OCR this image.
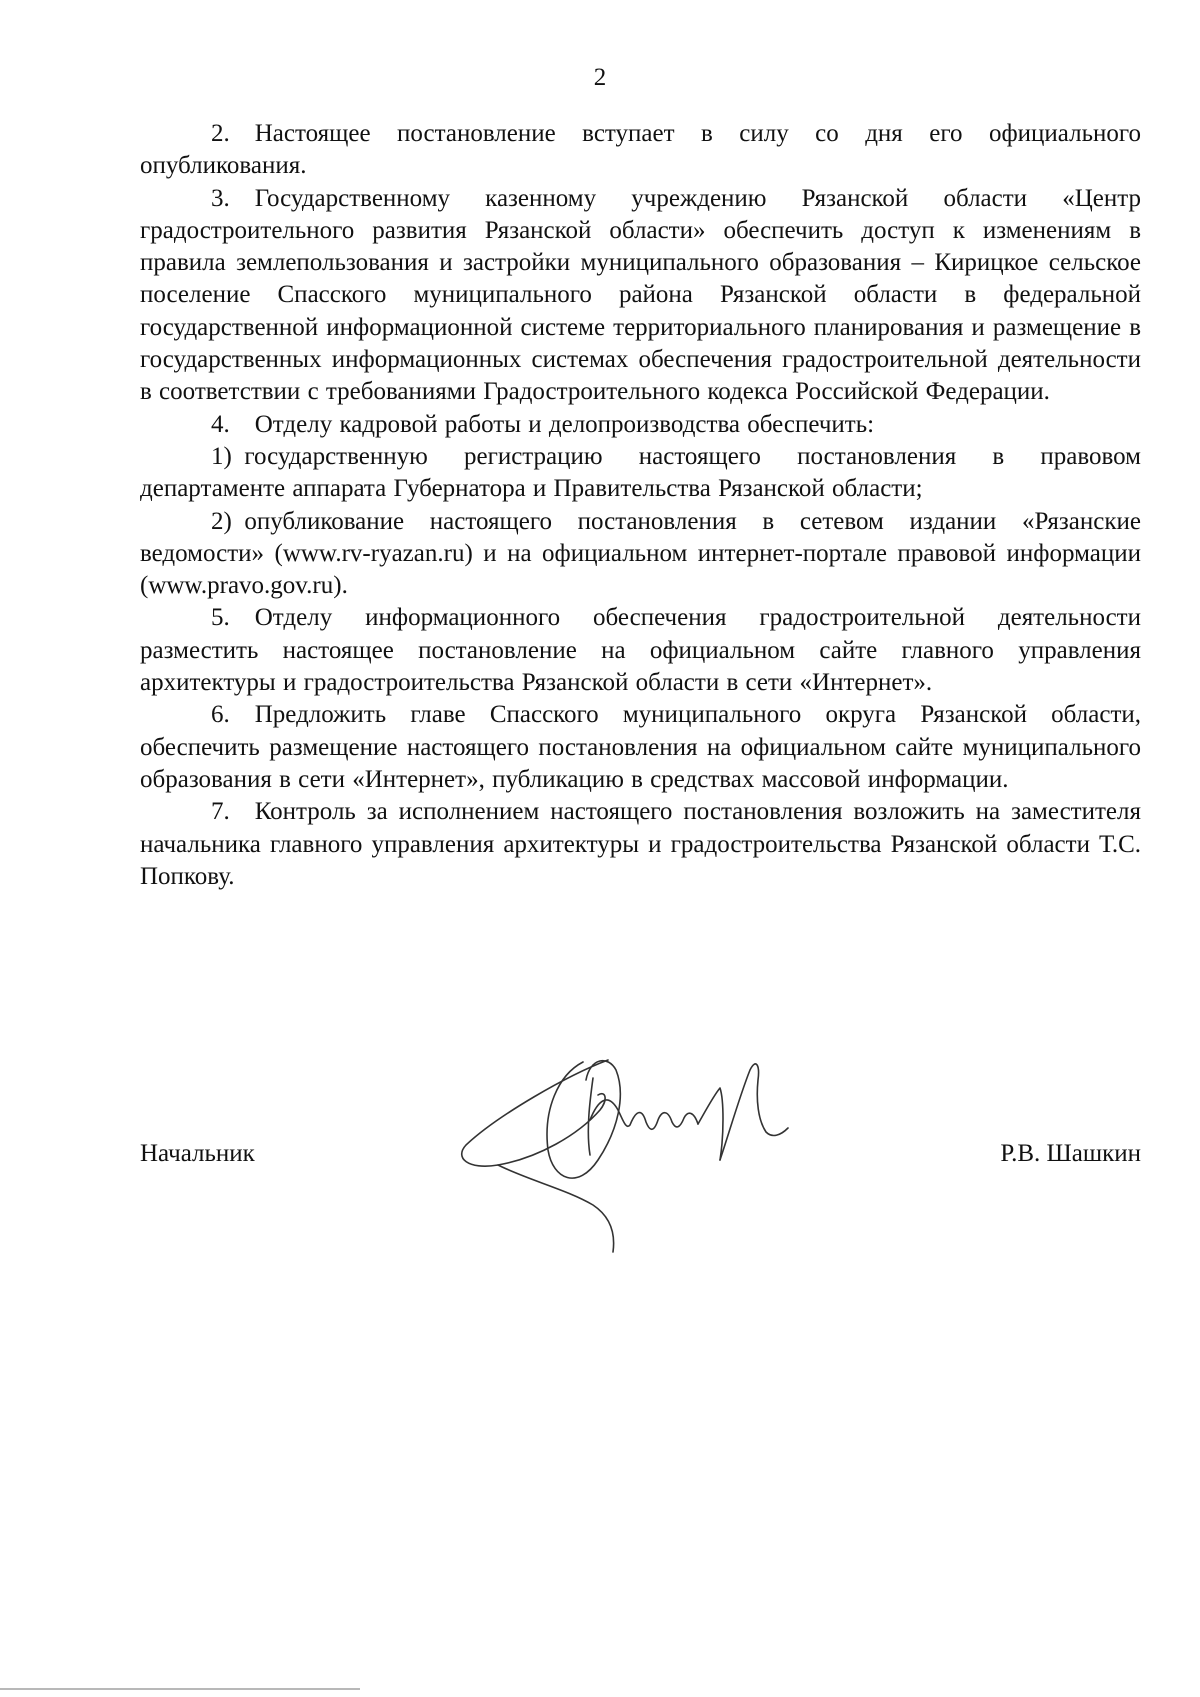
2

2. Настоящее постановление вступает в силу со дня его официального опубликования.

3. Государственному казенному учреждению Рязанской области «Центр градостроительного развития Рязанской области» обеспечить доступ к изменениям в правила землепользования и застройки муниципального образования – Кирицкое сельское поселение Спасского муниципального района Рязанской области в федеральной государственной информационной системе территориального планирования и размещение в государственных информационных системах обеспечения градостроительной деятельности в соответствии с требованиями Градостроительного кодекса Российской Федерации.

4. Отделу кадровой работы и делопроизводства обеспечить:

1) государственную регистрацию настоящего постановления в правовом департаменте аппарата Губернатора и Правительства Рязанской области;

2) опубликование настоящего постановления в сетевом издании «Рязанские ведомости» (www.rv-ryazan.ru) и на официальном интернет-портале правовой информации (www.pravo.gov.ru).

5. Отделу информационного обеспечения градостроительной деятельности разместить настоящее постановление на официальном сайте главного управления архитектуры и градостроительства Рязанской области в сети «Интернет».

6. Предложить главе Спасского муниципального округа Рязанской области, обеспечить размещение настоящего постановления на официальном сайте муниципального образования в сети «Интернет», публикацию в средствах массовой информации.

7. Контроль за исполнением настоящего постановления возложить на заместителя начальника главного управления архитектуры и градостроительства Рязанской области Т.С. Попкову.

Начальник	Р.В. Шашкин
